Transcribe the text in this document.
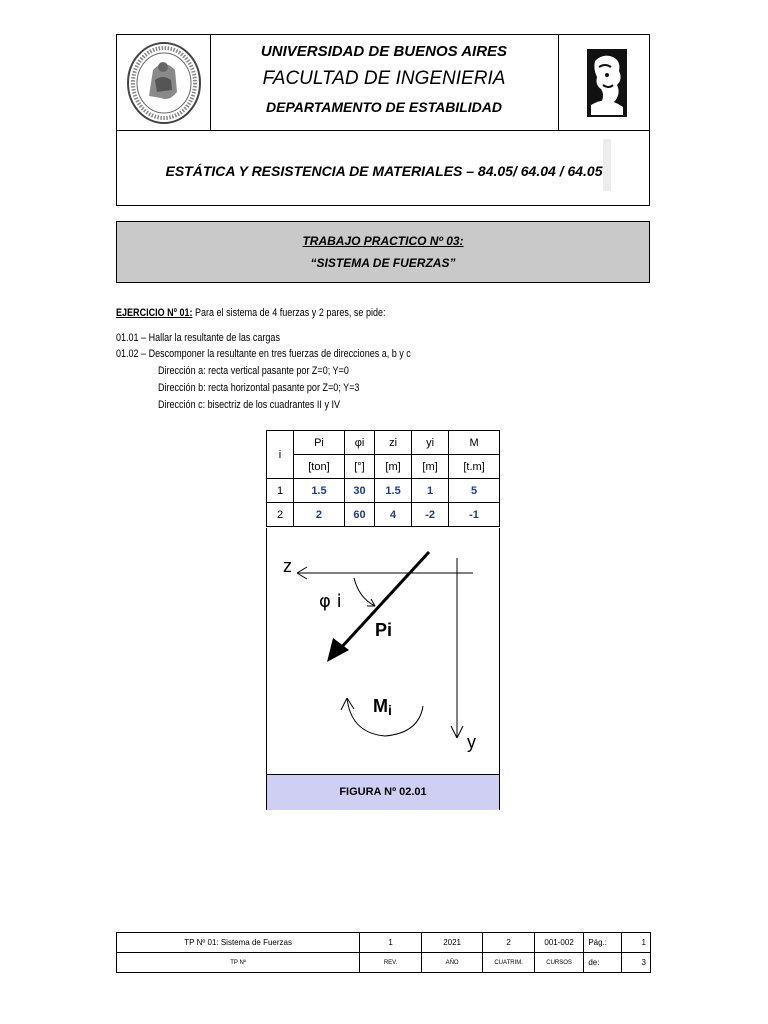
UNIVERSIDAD DE BUENOS AIRES
FACULTAD DE INGENIERIA
DEPARTAMENTO DE ESTABILIDAD
ESTÁTICA Y RESISTENCIA DE MATERIALES – 84.05/ 64.04 / 64.05
TRABAJO PRACTICO Nº 03:
“SISTEMA DE FUERZAS”
EJERCICIO Nº 01: Para el sistema de 4 fuerzas y 2 pares, se pide:
01.01 – Hallar la resultante de las cargas
01.02 – Descomponer la resultante en tres fuerzas de direcciones a, b y c
Dirección a: recta vertical pasante por Z=0; Y=0
Dirección b: recta horizontal pasante por Z=0; Y=3
Dirección c: bisectriz de los cuadrantes II y IV
i	Pi	φi	zi	yi	M
	[ton]	[°]	[m]	[m]	[t.m]
1	1.5	30	1.5	1	5
2	2	60	4	-2	-1
z
y
φ i
Pi
Mi
FIGURA Nº 02.01
TP Nº 01: Sistema de Fuerzas	1	2021	2	001-002	Pág.:	1
TP Nº	REV.	AÑO	CUATRIM.	CURSOS	de:	3
